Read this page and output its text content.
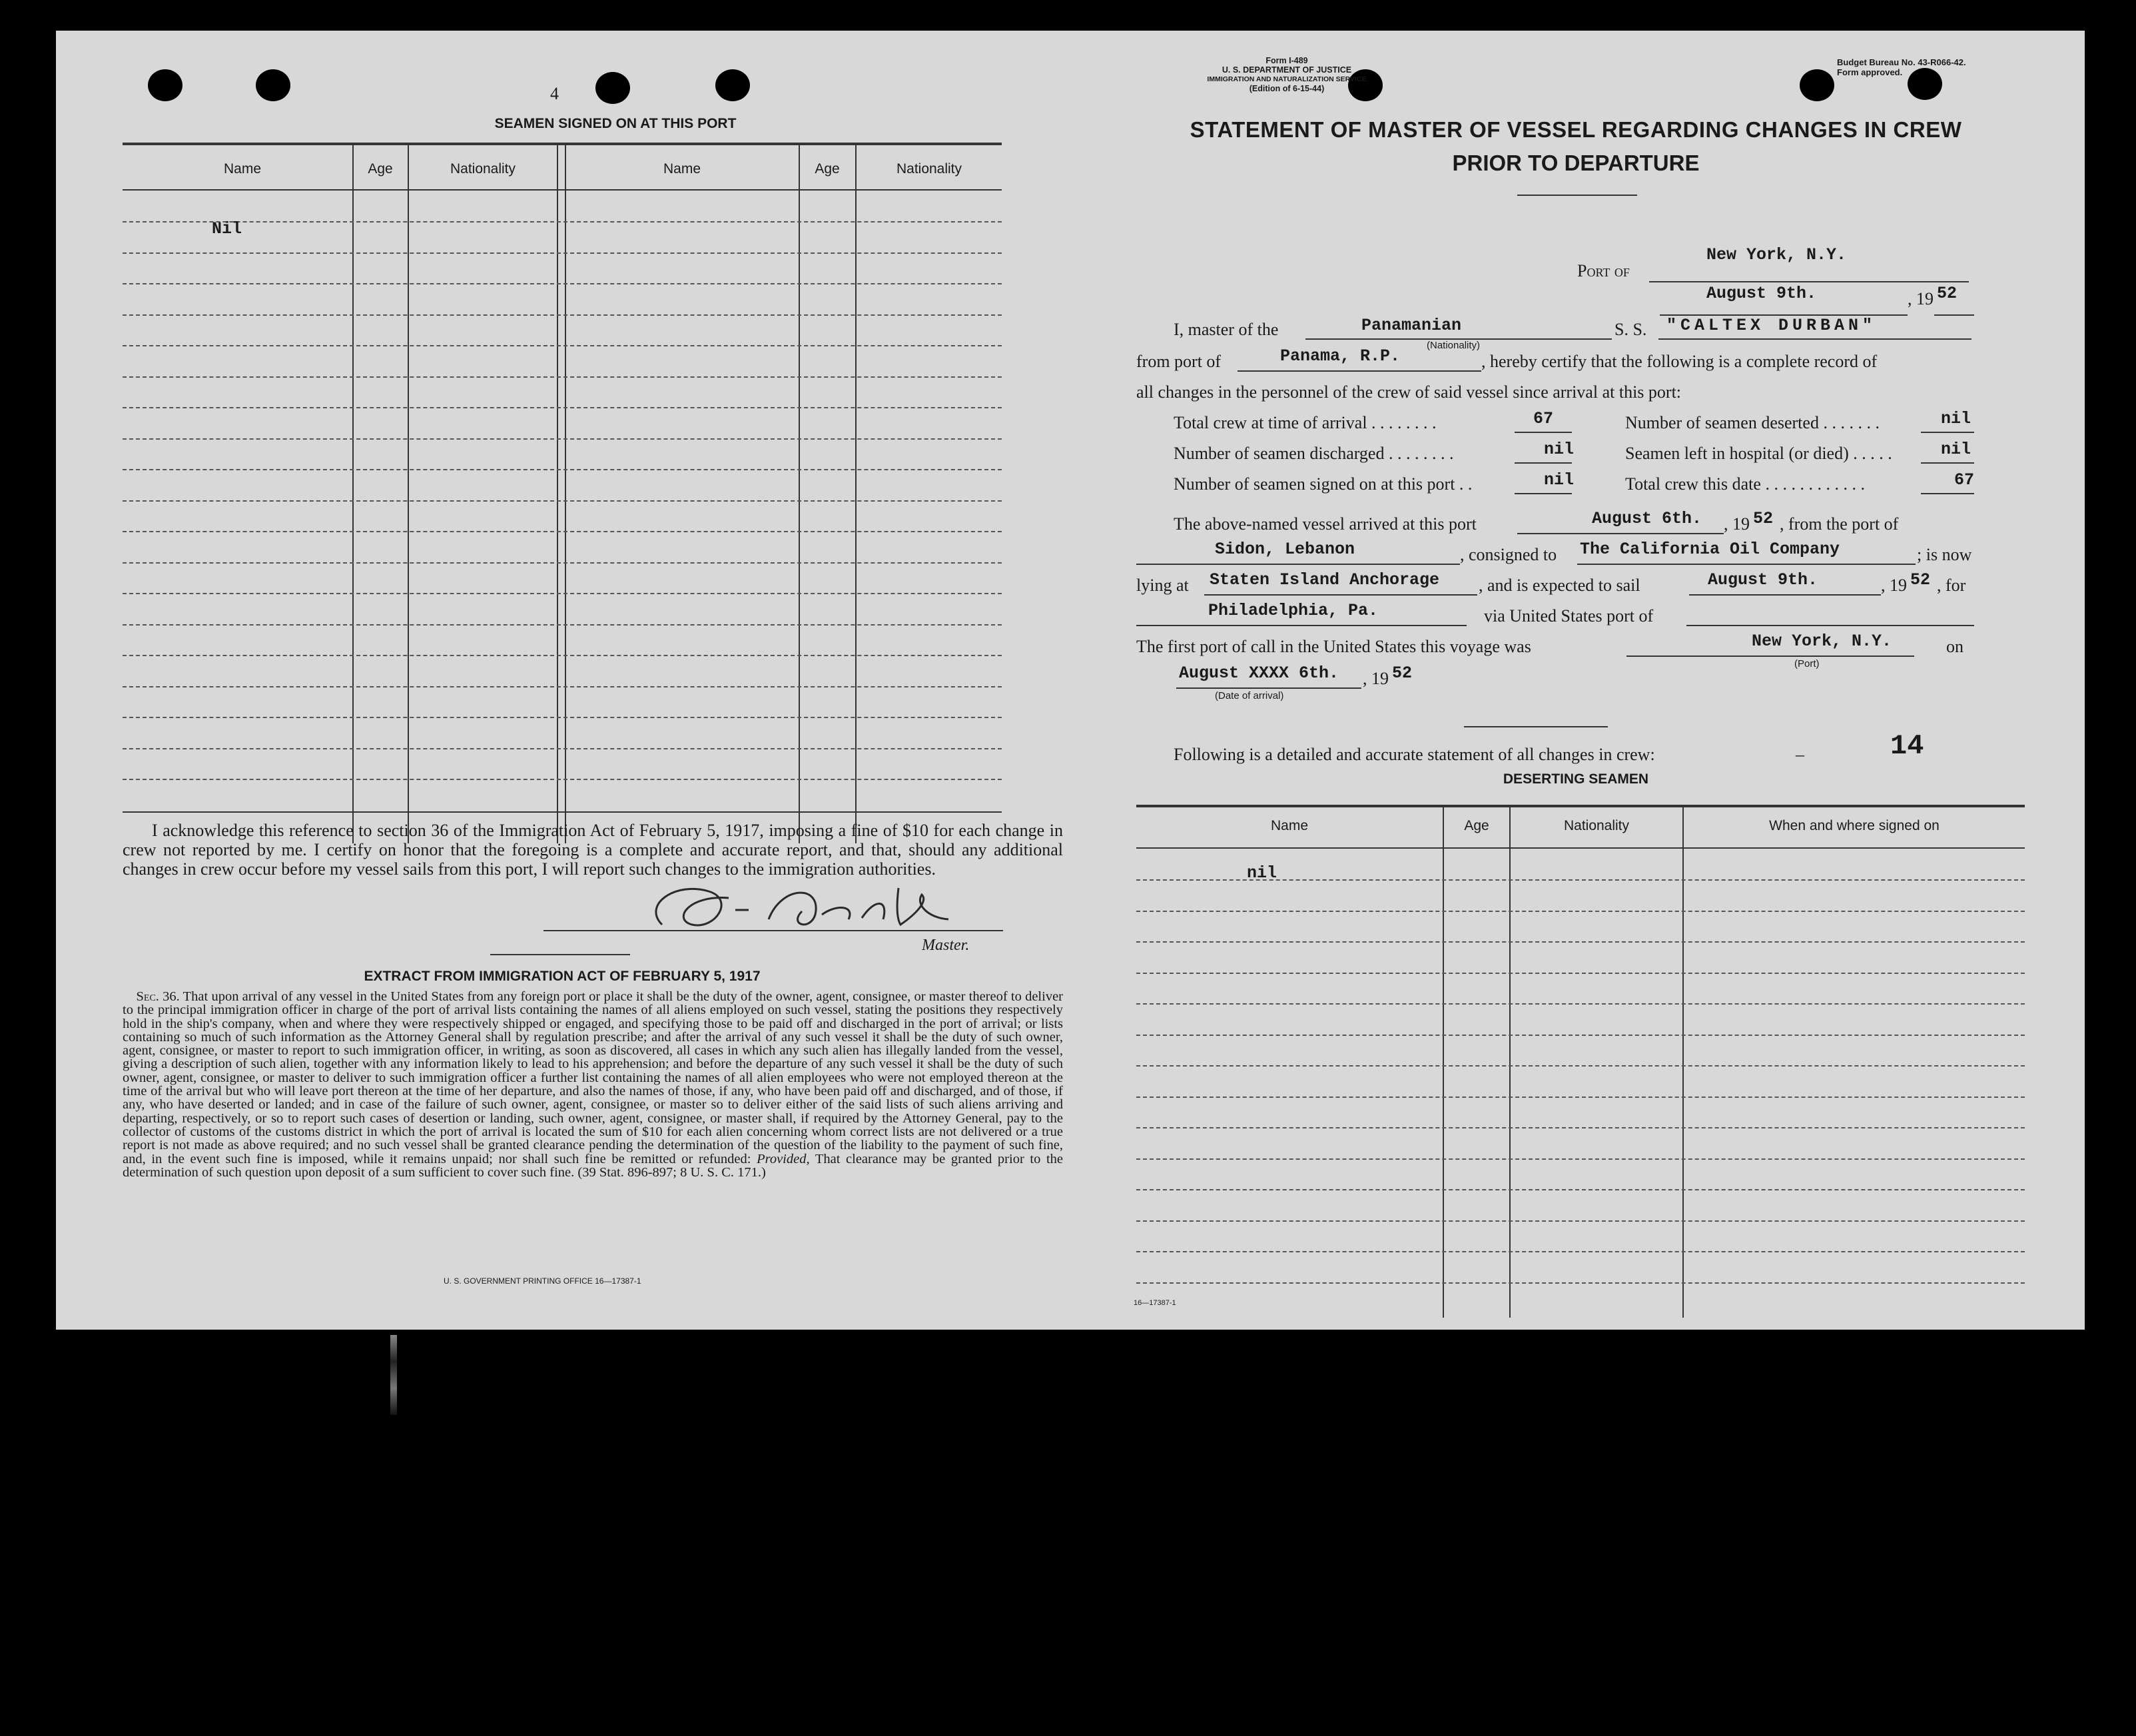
4
SEAMEN SIGNED ON AT THIS PORT
Name	Age	Nationality	Name	Age	Nationality
Nil
I acknowledge this reference to section 36 of the Immigration Act of February 5, 1917, imposing a fine of $10 for each change in crew not reported by me. I certify on honor that the foregoing is a complete and accurate report, and that, should any additional changes in crew occur before my vessel sails from this port, I will report such changes to the immigration authorities.
Master.
EXTRACT FROM IMMIGRATION ACT OF FEBRUARY 5, 1917
 Sec. 36. That upon arrival of any vessel in the United States from any foreign port or place it shall be the duty of the owner, agent, consignee, or master thereof to deliver to the principal immigration officer in charge of the port of arrival lists containing the names of all aliens employed on such vessel, stating the positions they respectively hold in the ship's company, when and where they were respectively shipped or engaged, and specifying those to be paid off and discharged in the port of arrival; or lists containing so much of such information as the Attorney General shall by regulation prescribe; and after the arrival of any such vessel it shall be the duty of such owner, agent, consignee, or master to report to such immigration officer, in writing, as soon as discovered, all cases in which any such alien has illegally landed from the vessel, giving a description of such alien, together with any information likely to lead to his apprehension; and before the departure of any such vessel it shall be the duty of such owner, agent, consignee, or master to deliver to such immigration officer a further list containing the names of all alien employees who were not employed thereon at the time of the arrival but who will leave port thereon at the time of her departure, and also the names of those, if any, who have been paid off and discharged, and of those, if any, who have deserted or landed; and in case of the failure of such owner, agent, consignee, or master so to deliver either of the said lists of such aliens arriving and departing, respectively, or so to report such cases of desertion or landing, such owner, agent, consignee, or master shall, if required by the Attorney General, pay to the collector of customs of the customs district in which the port of arrival is located the sum of $10 for each alien concerning whom correct lists are not delivered or a true report is not made as above required; and no such vessel shall be granted clearance pending the determination of the question of the liability to the payment of such fine, and, in the event such fine is imposed, while it remains unpaid; nor shall such fine be remitted or refunded: Provided, That clearance may be granted prior to the determination of such question upon deposit of a sum sufficient to cover such fine. (39 Stat. 896-897; 8 U. S. C. 171.)
U. S. GOVERNMENT PRINTING OFFICE 16—17387-1
Form I-489
U. S. DEPARTMENT OF JUSTICE
IMMIGRATION AND NATURALIZATION SERVICE
(Edition of 6-15-44)
Budget Bureau No. 43-R066-42.
Form approved.
STATEMENT OF MASTER OF VESSEL REGARDING CHANGES IN CREW
PRIOR TO DEPARTURE
Port of
New York, N.Y.
August 9th.	, 19 52
I, master of the	Panamanian
(Nationality)
S. S. "CALTEX DURBAN"
from port of	Panama, R.P.	, hereby certify that the following is a complete record of
all changes in the personnel of the crew of said vessel since arrival at this port:
Total crew at time of arrival . . . . . . . .	67	Number of seamen deserted . . . . . . .	nil
Number of seamen discharged . . . . . . . .	nil	Seamen left in hospital (or died) . . . . .	nil
Number of seamen signed on at this port . .	nil	Total crew this date . . . . . . . . . . . .	67
The above-named vessel arrived at this port	August 6th. , 19 52 , from the port of
Sidon, Lebanon	, consigned to The California Oil Company	; is now
lying at Staten Island Anchorage , and is expected to sail	August 9th.	, 19 52 , for
Philadelphia, Pa.	via United States port of
The first port of call in the United States this voyage was	New York, N.Y.
(Port)
on
August XXXX 6th. , 19 52
(Date of arrival)
Following is a detailed and accurate statement of all changes in crew:	–	14
DESERTING SEAMEN
Name	Age	Nationality	When and where signed on
nil
16—17387-1
